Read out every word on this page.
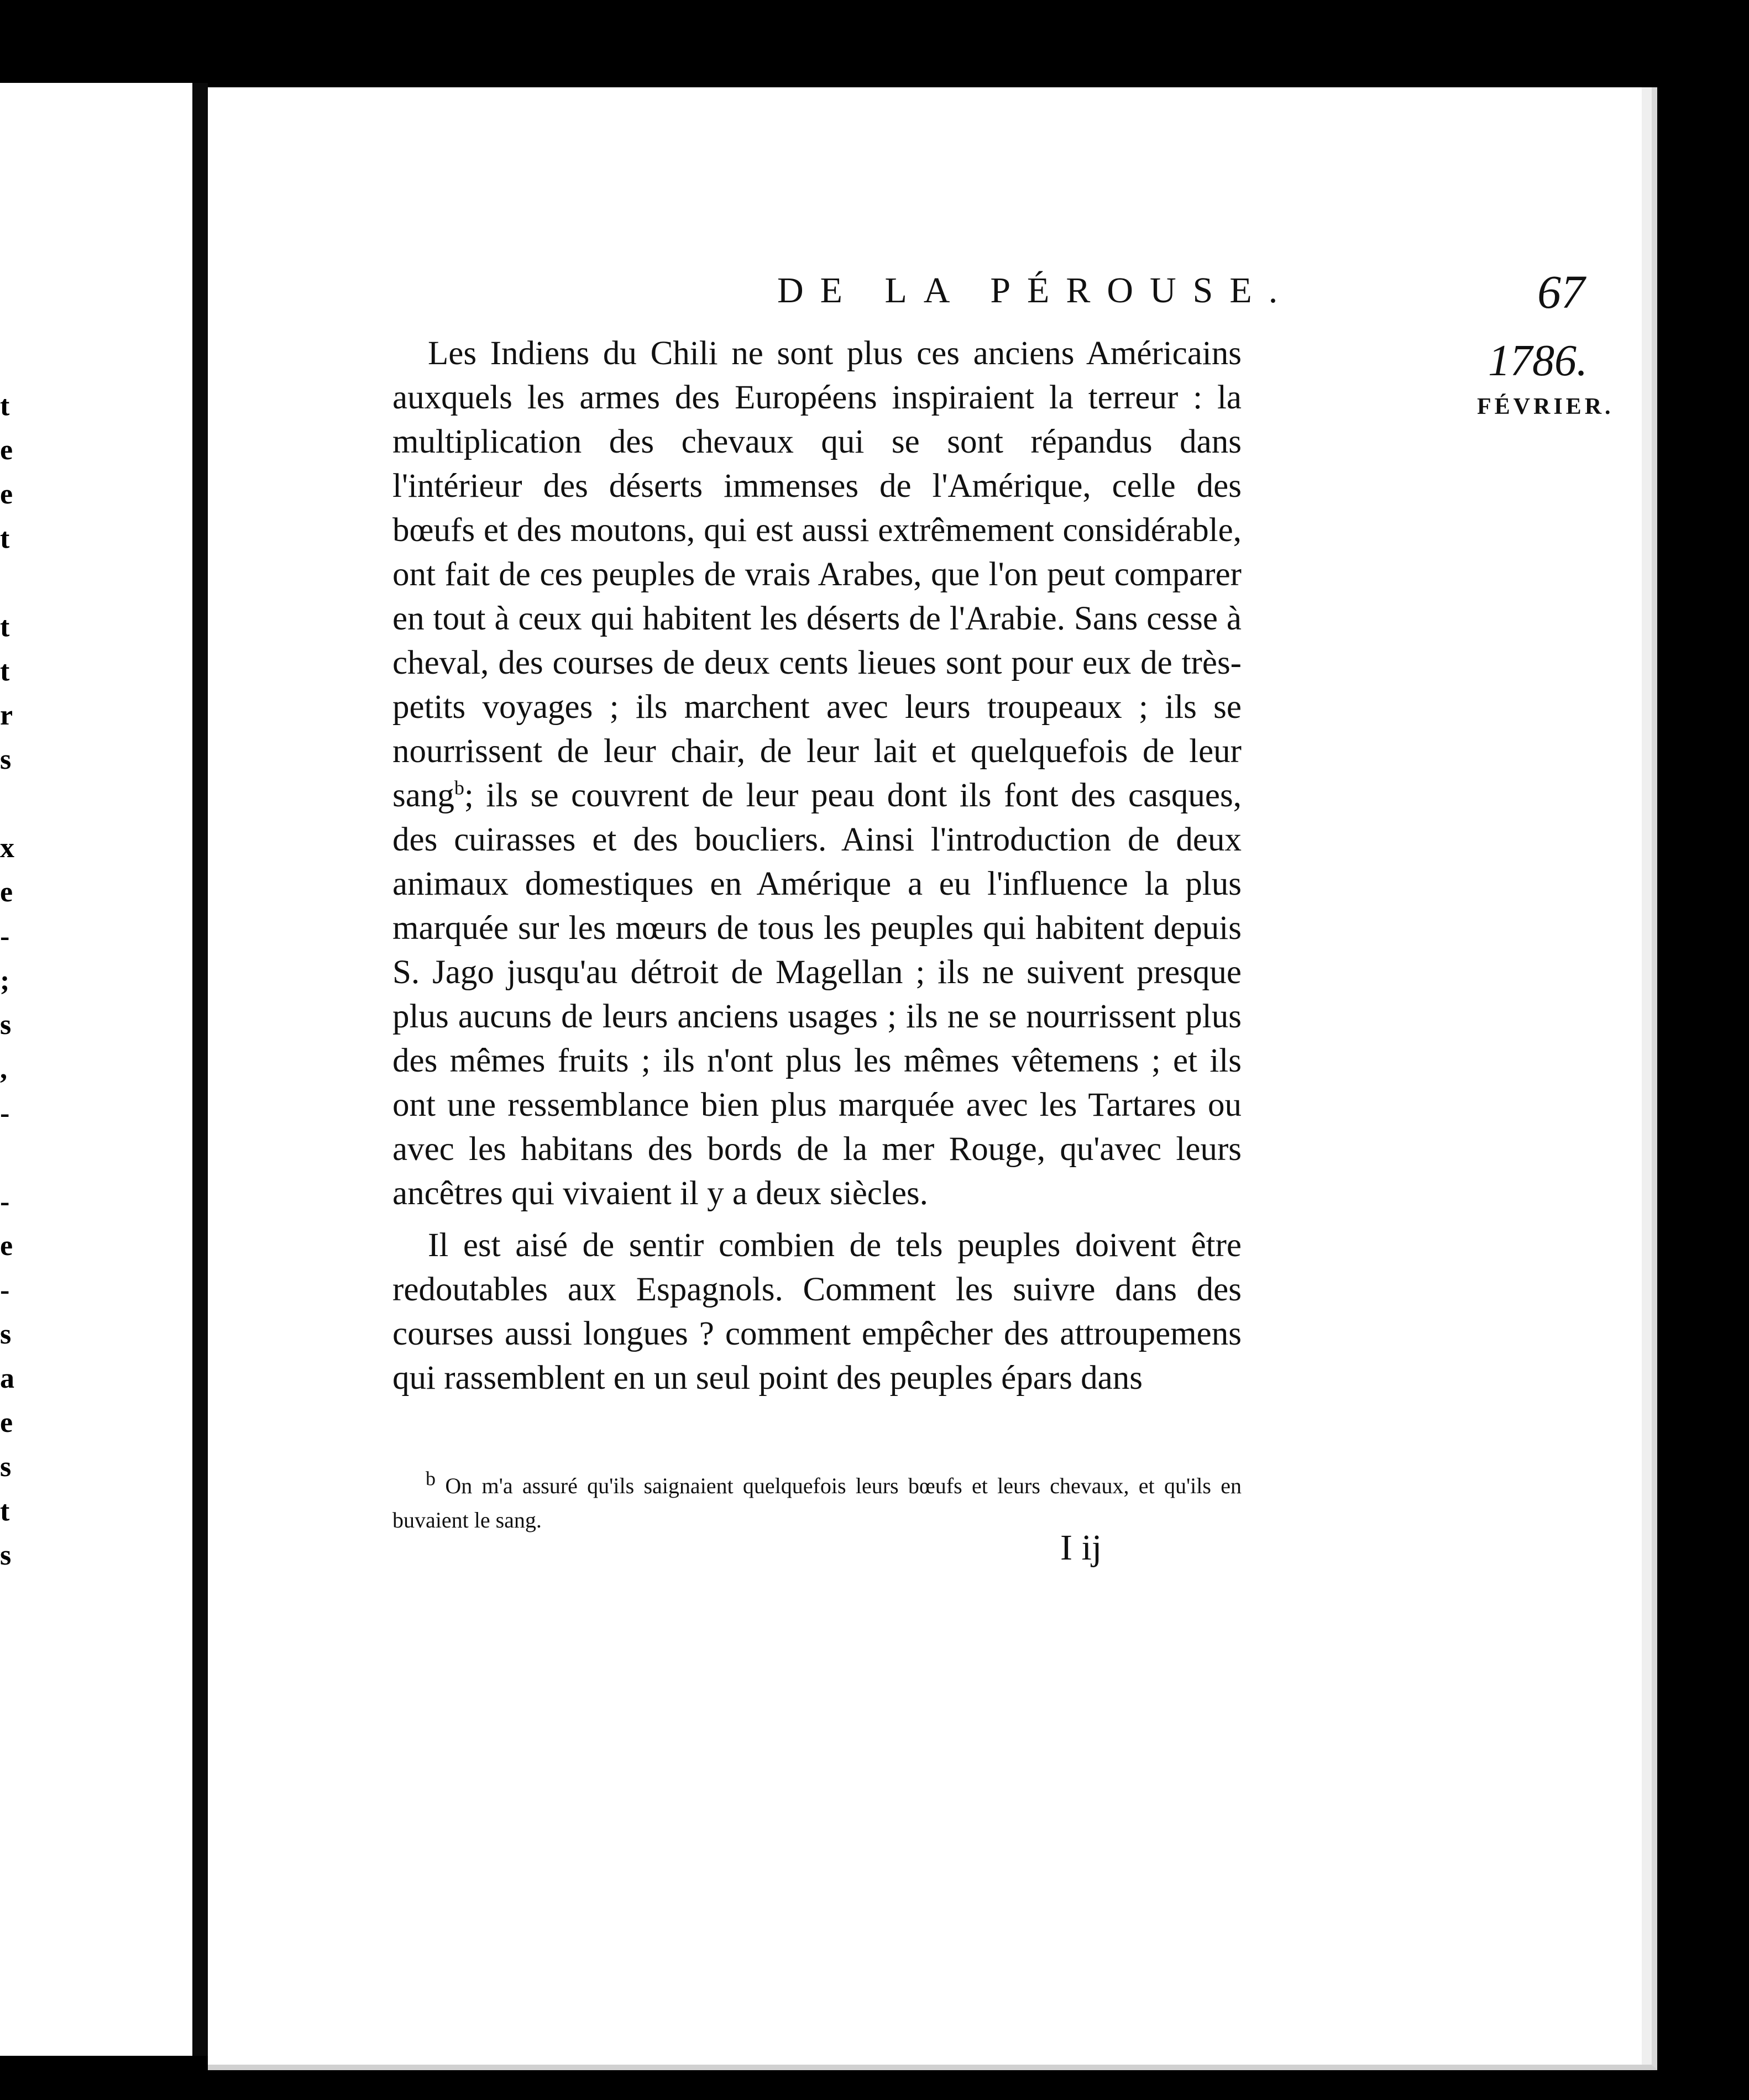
t
e
e
t
t
t
r
s
x
e
-
;
s
,
-
-
e
-
s
a
e
s
t
s
DE LA PÉROUSE.	67
1786.
FÉVRIER.

Les Indiens du Chili ne sont plus ces anciens Américains auxquels les armes des Européens inspiraient la terreur : la multiplication des chevaux qui se sont répandus dans l'intérieur des déserts immenses de l'Amérique, celle des bœufs et des moutons, qui est aussi extrêmement considérable, ont fait de ces peuples de vrais Arabes, que l'on peut comparer en tout à ceux qui habitent les déserts de l'Arabie. Sans cesse à cheval, des courses de deux cents lieues sont pour eux de très-petits voyages ; ils marchent avec leurs troupeaux ; ils se nourrissent de leur chair, de leur lait et quelquefois de leur sang$^b$; ils se couvrent de leur peau dont ils font des casques, des cuirasses et des boucliers. Ainsi l'introduction de deux animaux domestiques en Amérique a eu l'influence la plus marquée sur les mœurs de tous les peuples qui habitent depuis S. Jago jusqu'au détroit de Magellan ; ils ne suivent presque plus aucuns de leurs anciens usages ; ils ne se nourrissent plus des mêmes fruits ; ils n'ont plus les mêmes vêtemens ; et ils ont une ressemblance bien plus marquée avec les Tartares ou avec les habitans des bords de la mer Rouge, qu'avec leurs ancêtres qui vivaient il y a deux siècles.

Il est aisé de sentir combien de tels peuples doivent être redoutables aux Espagnols. Comment les suivre dans des courses aussi longues ? comment empêcher des attroupemens qui rassemblent en un seul point des peuples épars dans

$^b$ On m'a assuré qu'ils saignaient quelquefois leurs bœufs et leurs chevaux, et qu'ils en buvaient le sang.

I ij
